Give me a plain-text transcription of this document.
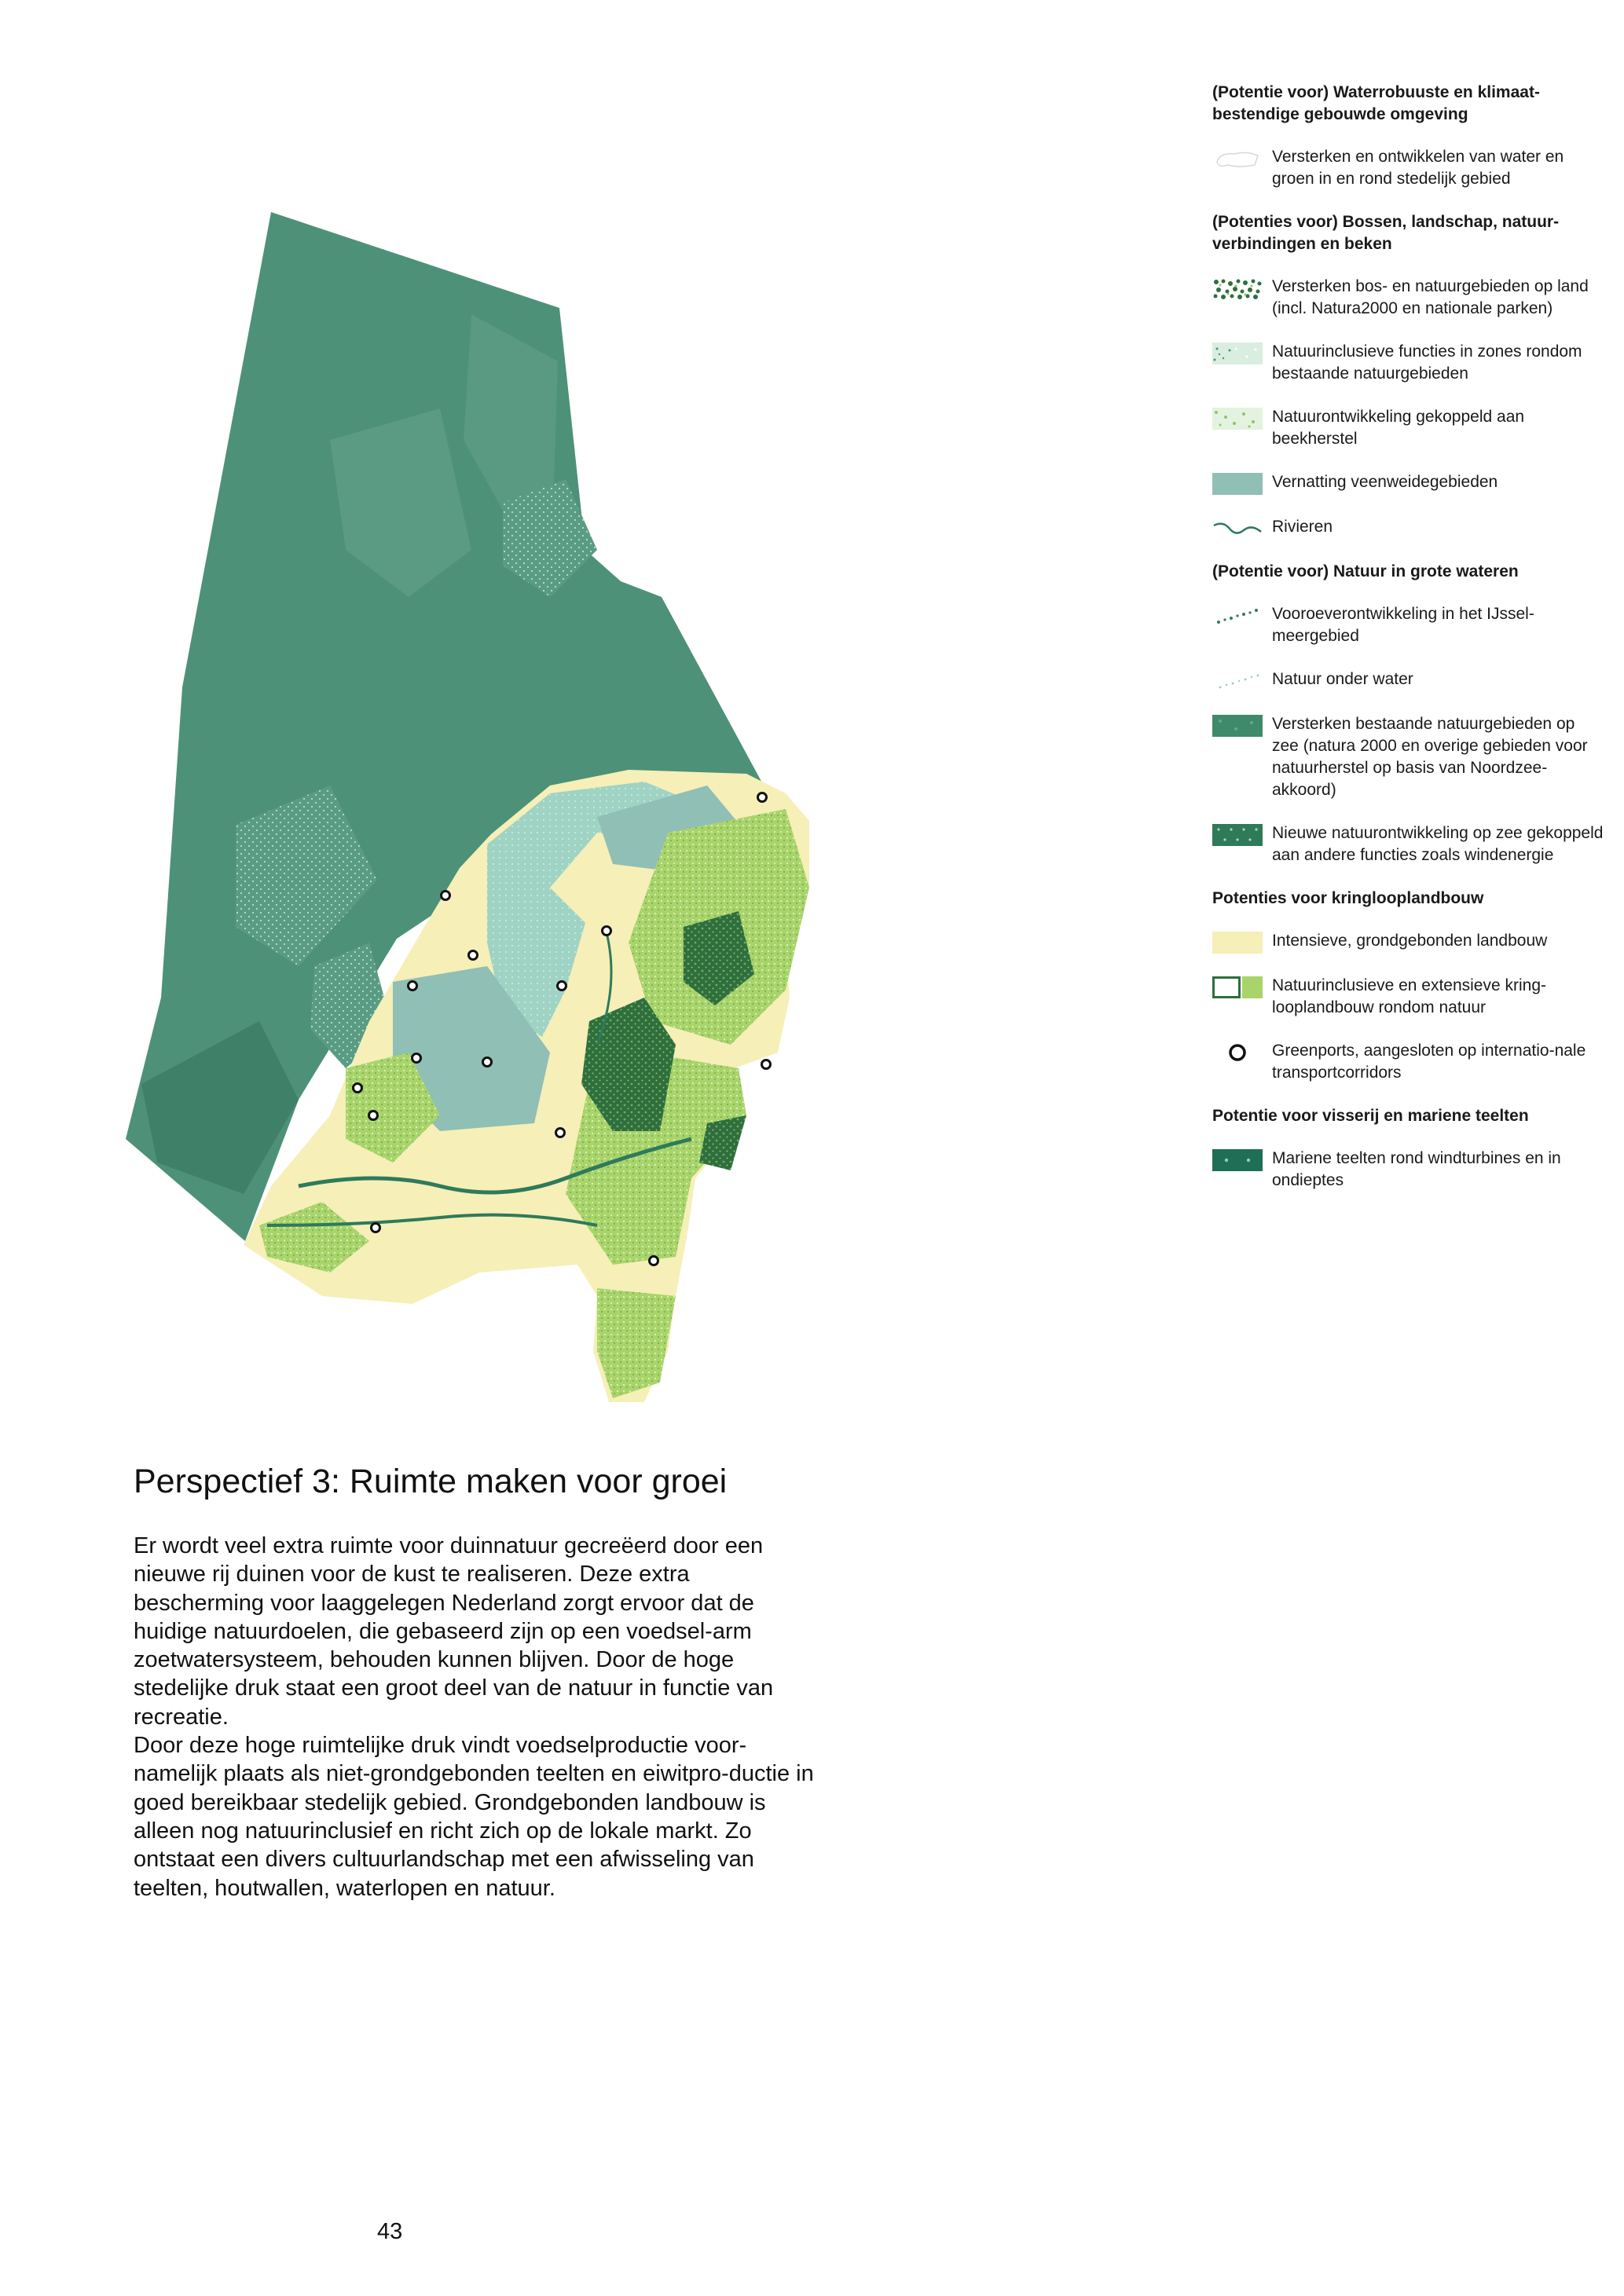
(Potentie voor) Waterrobuuste en klimaat-bestendige gebouwde omgeving
Versterken en ontwikkelen van water en groen in en rond stedelijk gebied
(Potenties voor) Bossen, landschap, natuur-verbindingen en beken
Versterken bos- en natuurgebieden op land (incl. Natura2000 en nationale parken)
Natuurinclusieve functies in zones rondom bestaande natuurgebieden
Natuurontwikkeling gekoppeld aan beekherstel
Vernatting veenweidegebieden
Rivieren
(Potentie voor) Natuur in grote wateren
Vooroeverontwikkeling in het IJssel-meergebied
Natuur onder water
Versterken bestaande natuurgebieden op zee (natura 2000 en overige gebieden voor natuurherstel op basis van Noordzee-akkoord)
Nieuwe natuurontwikkeling op zee gekoppeld aan andere functies zoals windenergie
Potenties voor kringlooplandbouw
Intensieve, grondgebonden landbouw
Natuurinclusieve en extensieve kring-looplandbouw rondom natuur
Greenports, aangesloten op internatio-nale transportcorridors
Potentie voor visserij en mariene teelten
Mariene teelten rond windturbines en in ondieptes
Perspectief 3: Ruimte maken voor groei

Er wordt veel extra ruimte voor duinnatuur gecreëerd door een nieuwe rij duinen voor de kust te realiseren. Deze extra bescherming voor laaggelegen Nederland zorgt ervoor dat de huidige natuurdoelen, die gebaseerd zijn op een voedsel-arm zoetwatersysteem, behouden kunnen blijven. Door de hoge stedelijke druk staat een groot deel van de natuur in functie van recreatie.

Door deze hoge ruimtelijke druk vindt voedselproductie voor-namelijk plaats als niet-grondgebonden teelten en eiwitpro-ductie in goed bereikbaar stedelijk gebied. Grondgebonden landbouw is alleen nog natuurinclusief en richt zich op de lokale markt. Zo ontstaat een divers cultuurlandschap met een afwisseling van teelten, houtwallen, waterlopen en natuur.

43
